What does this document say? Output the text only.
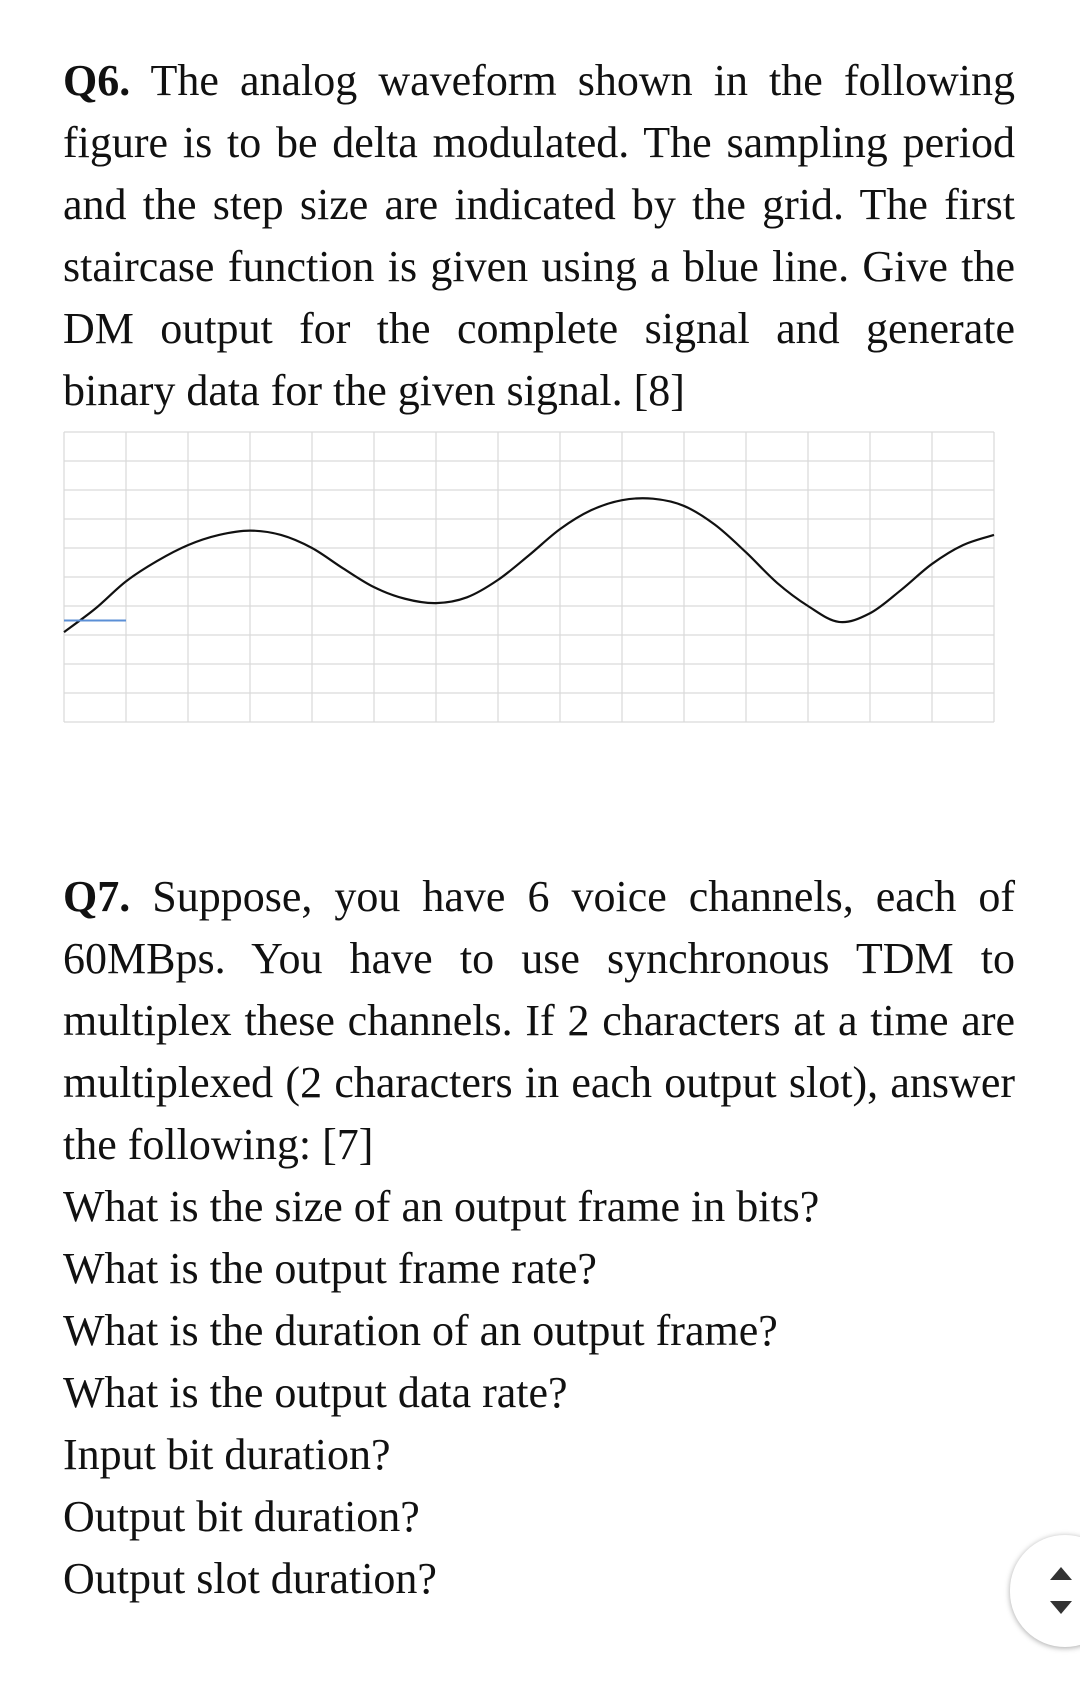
Q6. The analog waveform shown in the following figure is to be delta modulated. The sampling period and the step size are indicated by the grid. The first staircase function is given using a blue line. Give the DM output for the complete signal and generate binary data for the given signal. [8]
Q7. Suppose, you have 6 voice channels, each of 60MBps. You have to use synchronous TDM to multiplex these channels. If 2 characters at a time are multiplexed (2 characters in each output slot), answer the following: [7]
What is the size of an output frame in bits?
What is the output frame rate?
What is the duration of an output frame?
What is the output data rate?
Input bit duration?
Output bit duration?
Output slot duration?
